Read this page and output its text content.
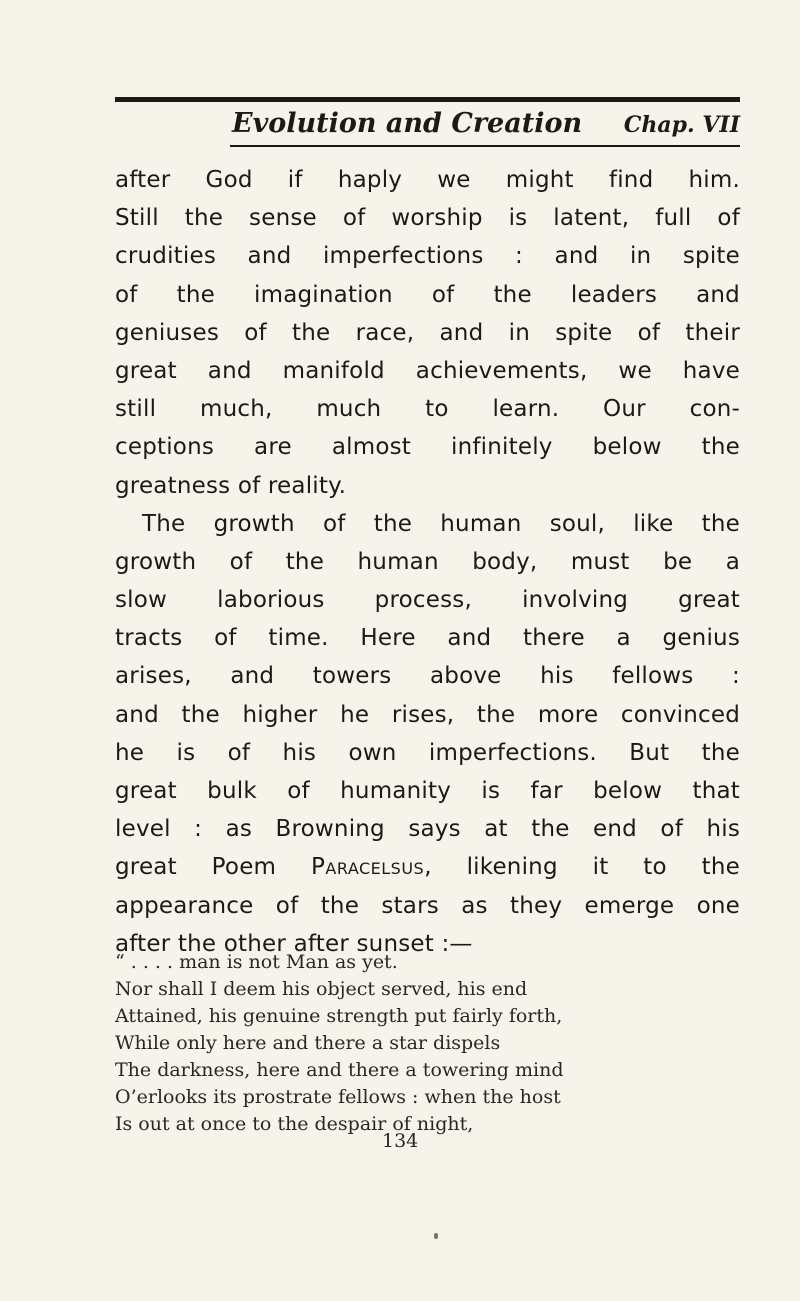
Evolution and Creation Chap. VII
after God if haply we might find him.
Still the sense of worship is latent, full of
crudities and imperfections : and in spite
of the imagination of the leaders and
geniuses of the race, and in spite of their
great and manifold achievements, we have
still much, much to learn. Our con-
ceptions are almost infinitely below the
greatness of reality.
The growth of the human soul, like the
growth of the human body, must be a
slow laborious process, involving great
tracts of time. Here and there a genius
arises, and towers above his fellows :
and the higher he rises, the more convinced
he is of his own imperfections. But the
great bulk of humanity is far below that
level : as Browning says at the end of his
great Poem Paracelsus, likening it to the
appearance of the stars as they emerge one
after the other after sunset :—
“ . . . . man is not Man as yet.
Nor shall I deem his object served, his end
Attained, his genuine strength put fairly forth,
While only here and there a star dispels
The darkness, here and there a towering mind
O’erlooks its prostrate fellows : when the host
Is out at once to the despair of night,
134
